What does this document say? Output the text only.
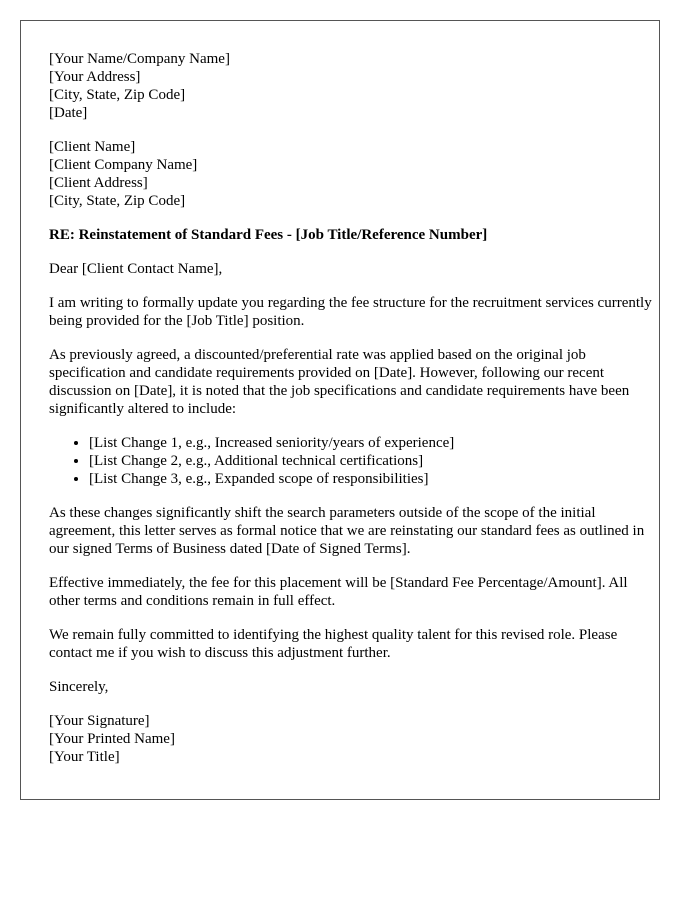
[Your Name/Company Name]
[Your Address]
[City, State, Zip Code]
[Date]
[Client Name]
[Client Company Name]
[Client Address]
[City, State, Zip Code]
RE: Reinstatement of Standard Fees - [Job Title/Reference Number]

Dear [Client Contact Name],

I am writing to formally update you regarding the fee structure for the recruitment services currently being provided for the [Job Title] position.

As previously agreed, a discounted/preferential rate was applied based on the original job specification and candidate requirements provided on [Date]. However, following our recent discussion on [Date], it is noted that the job specifications and candidate requirements have been significantly altered to include:

• [List Change 1, e.g., Increased seniority/years of experience]
• [List Change 2, e.g., Additional technical certifications]
• [List Change 3, e.g., Expanded scope of responsibilities]

As these changes significantly shift the search parameters outside of the scope of the initial agreement, this letter serves as formal notice that we are reinstating our standard fees as outlined in our signed Terms of Business dated [Date of Signed Terms].

Effective immediately, the fee for this placement will be [Standard Fee Percentage/Amount]. All other terms and conditions remain in full effect.

We remain fully committed to identifying the highest quality talent for this revised role. Please contact me if you wish to discuss this adjustment further.

Sincerely,
[Your Signature]
[Your Printed Name]
[Your Title]
